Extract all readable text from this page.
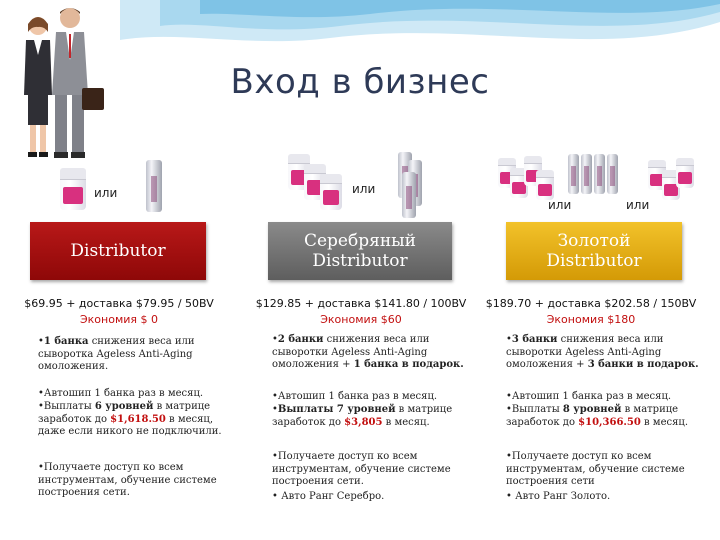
Вход в бизнес
или	или
или	или
Distributor	Серебряный
Distributor
Золотой
Distributor
$69.95 + доставка $79.95 / 50BV
Экономия $ 0
$129.85 + доставка $141.80 / 100BV
Экономия $60
$189.70 + доставка $202.58 / 150BV
Экономия $180
•1 банка снижения веса или сыворотка Ageless Anti-Aging омоложения.
•Автошип 1 банка раз в месяц.
•Выплаты 6 уровней в матрице заработок до $1,618.50 в месяц, даже если никого не подключили.
•Получаете доступ ко всем инструментам, обучение системе построения сети.
•2 банки снижения веса или сыворотки Ageless Anti-Aging омоложения + 1 банка в подарок.
•Автошип 1 банка раз в месяц.
•Выплаты 7 уровней в матрице заработок до $3,805 в месяц.
•Получаете доступ ко всем инструментам, обучение системе построения сети.
• Авто Ранг Серебро.
•3 банки снижения веса или сыворотки Ageless Anti-Aging омоложения + 3 банки в подарок.
•Автошип 1 банка раз в месяц.
•Выплаты 8 уровней в матрице заработок до $10,366.50 в месяц.
•Получаете доступ ко всем инструментам, обучение системе построения сети
• Авто Ранг Золото.
